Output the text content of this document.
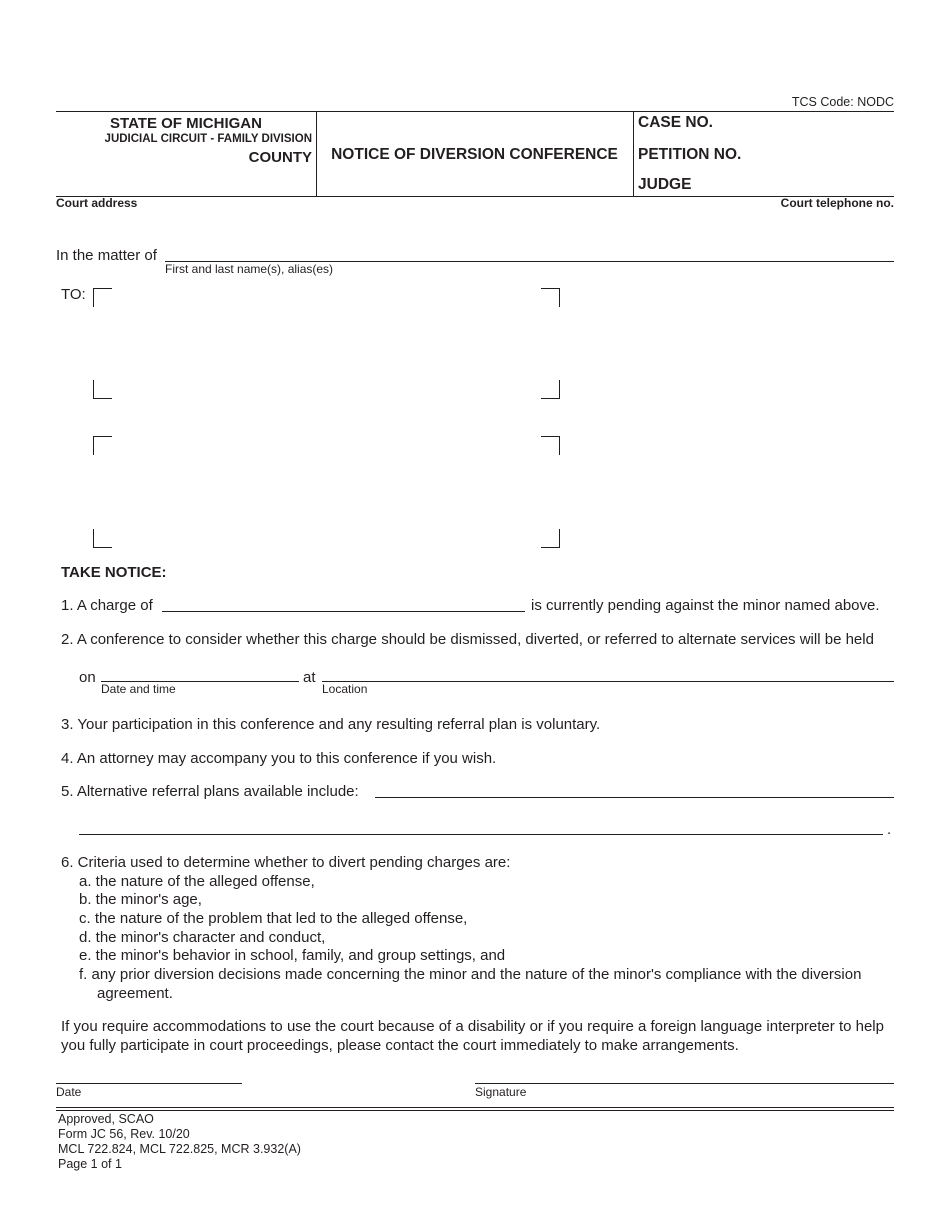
TCS Code: NODC
STATE OF MICHIGAN
JUDICIAL CIRCUIT - FAMILY DIVISION
COUNTY	NOTICE OF DIVERSION CONFERENCE
CASE NO.
PETITION NO.
JUDGE
Court address	Court telephone no.
In the matter of
First and last name(s), alias(es)
TO:
TAKE NOTICE:
1. A charge of	is currently pending against the minor named above.
2. A conference to consider whether this charge should be dismissed, diverted, or referred to alternate services will be held
on
Date and time
at
Location
3. Your participation in this conference and any resulting referral plan is voluntary.
4. An attorney may accompany you to this conference if you wish.
5. Alternative referral plans available include:
.
6. Criteria used to determine whether to divert pending charges are:
a. the nature of the alleged offense,
b. the minor's age,
c. the nature of the problem that led to the alleged offense,
d. the minor's character and conduct,
e. the minor's behavior in school, family, and group settings, and
f. any prior diversion decisions made concerning the minor and the nature of the minor's compliance with the diversion
agreement.
If you require accommodations to use the court because of a disability or if you require a foreign language interpreter to help
you fully participate in court proceedings, please contact the court immediately to make arrangements.
Date	Signature
Approved, SCAO
Form JC 56, Rev. 10/20
MCL 722.824, MCL 722.825, MCR 3.932(A)
Page 1 of 1
